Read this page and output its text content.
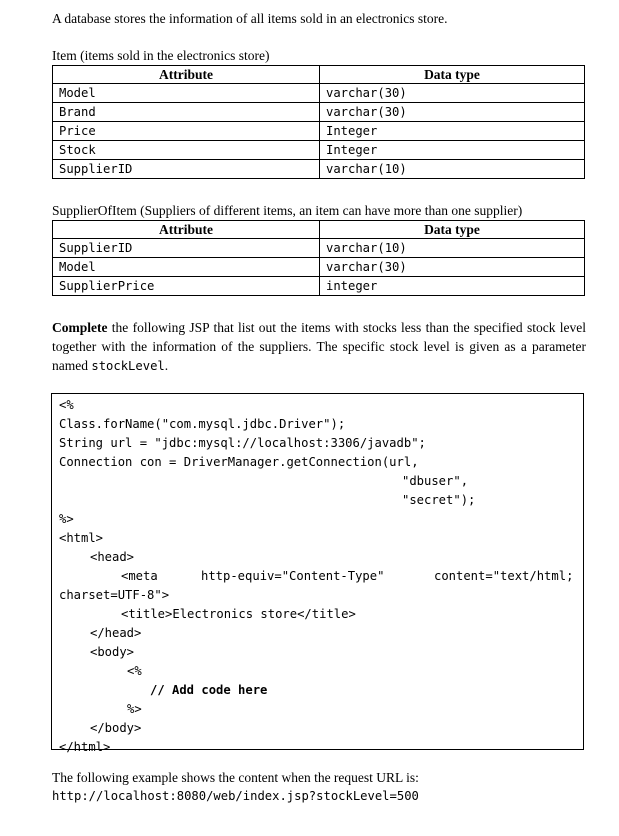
A database stores the information of all items sold in an electronics store.
Item (items sold in the electronics store)
Attribute	Data type
Model	varchar(30)
Brand	varchar(30)
Price	Integer
Stock	Integer
SupplierID	varchar(10)
SupplierOfItem (Suppliers of different items, an item can have more than one supplier)
Attribute	Data type
SupplierID	varchar(10)
Model	varchar(30)
SupplierPrice	integer
Complete the following JSP that list out the items with stocks less than the specified stock level together with the information of the suppliers. The specific stock level is given as a parameter named stockLevel.
<%
Class.forName("com.mysql.jdbc.Driver");
String url = "jdbc:mysql://localhost:3306/javadb";
Connection con = DriverManager.getConnection(url,
"dbuser",
"secret");
%>
<html>
<head>
<meta	http-equiv="Content-Type"	content="text/html;
charset=UTF-8">
<title>Electronics store</title>
</head>
<body>
<%
// Add code here
%>
</body>
</html>
The following example shows the content when the request URL is:
http://localhost:8080/web/index.jsp?stockLevel=500
